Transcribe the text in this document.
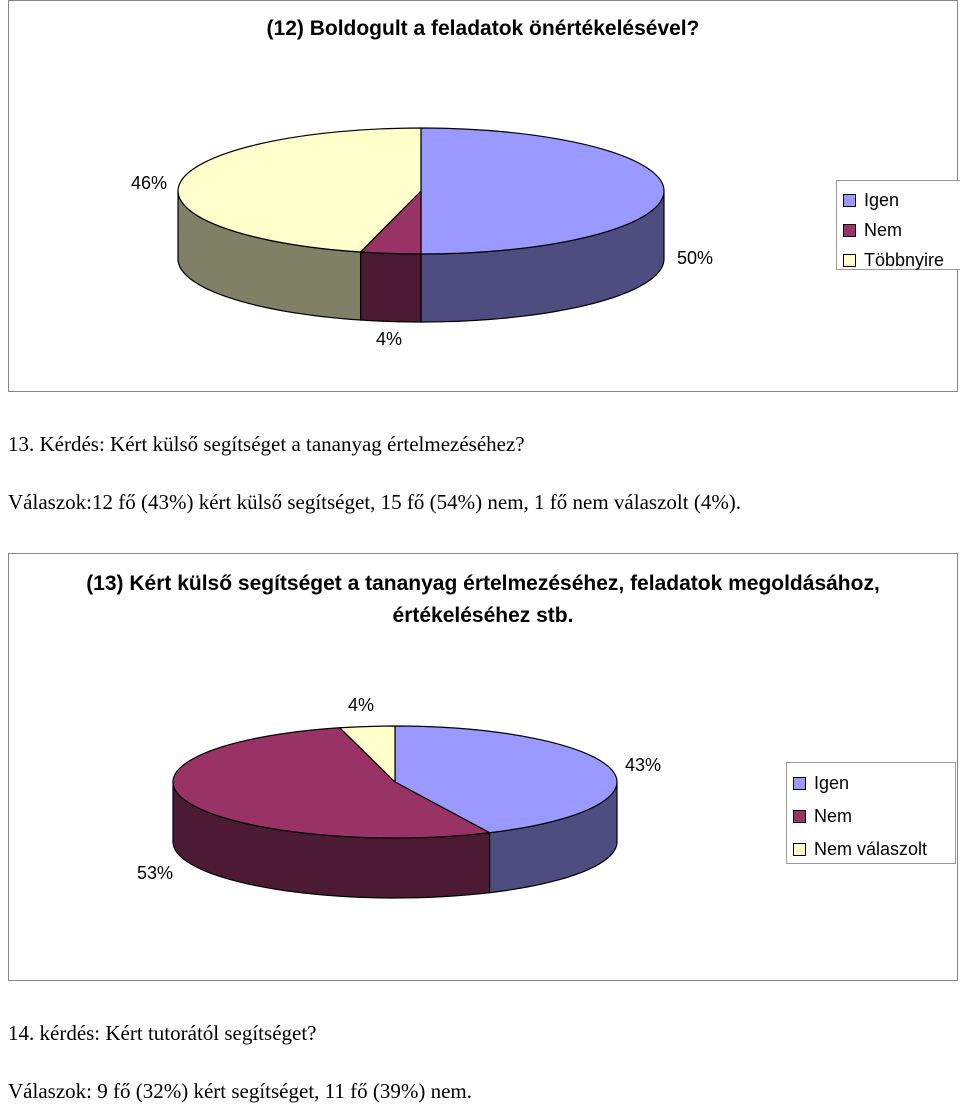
(12) Boldogult a feladatok önértékelésével?
50%
4%
46%
Igen
Nem
Többnyire

13. Kérdés: Kért külső segítséget a tananyag értelmezéséhez?

Válaszok:12 fő (43%) kért külső segítséget, 15 fő (54%) nem, 1 fő nem válaszolt (4%).

(13) Kért külső segítséget a tananyag értelmezéséhez, feladatok megoldásához, értékeléséhez stb.
43%
53%
4%
Igen
Nem
Nem válaszolt

14. kérdés: Kért tutorától segítséget?

Válaszok: 9 fő (32%) kért segítséget, 11 fő (39%) nem.
